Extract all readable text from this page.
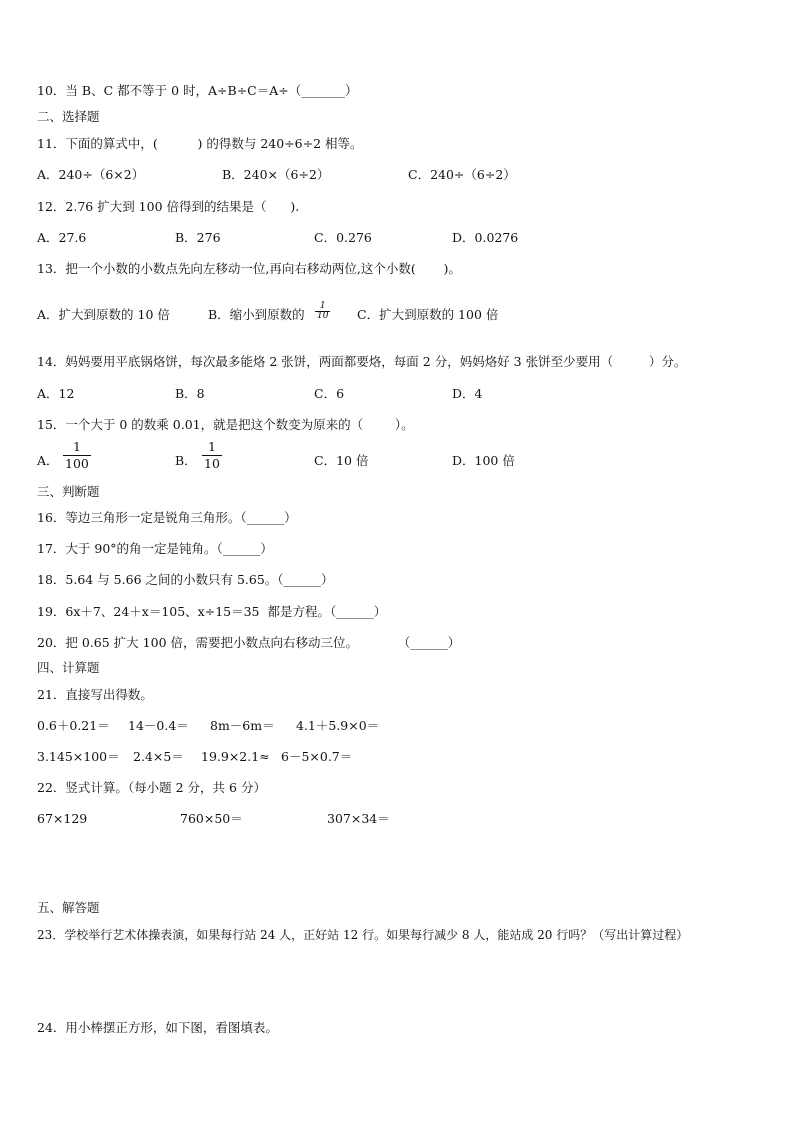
10．当 B、C 都不等于 0 时，A÷B÷C＝A÷（_______）
二、选择题
11．下面的算式中，(          ) 的得数与 240÷6÷2 相等。
A．240÷（6×2）	B．240×（6÷2）	C．240÷（6÷2）
12．2.76 扩大到 100 倍得到的结果是（      ).
A．27.6	B．276	C．0.276	D．0.0276
13．把一个小数的小数点先向左移动一位,再向右移动两位,这个小数(       )。
A．扩大到原数的 10 倍	B．缩小到原数的
1
10 C．扩大到原数的 100 倍
14．妈妈要用平底锅烙饼，每次最多能烙 2 张饼，两面都要烙，每面 2 分，妈妈烙好 3 张饼至少要用（         ）分。
A．12	B．8	C．6	D．4
15．一个大于 0 的数乘 0.01，就是把这个数变为原来的（        ）。
A．
1
100	B．
1
10	C．10 倍	D．100 倍
三、判断题
16．等边三角形一定是锐角三角形。（______）
17．大于 90°的角一定是钝角。（______）
18．5.64 与 5.66 之间的小数只有 5.65。（______）
19．6x＋7、24＋x＝105、x÷15＝35  都是方程。（______）
20．把 0.65 扩大 100 倍，需要把小数点向右移动三位。          （______）
四、计算题
21．直接写出得数。
0.6＋0.21＝ 14－0.4＝ 8m－6m＝ 4.1＋5.9×0＝
3.145×100＝ 2.4×5＝ 19.9×2.1≈ 6－5×0.7＝
22．竖式计算。（每小题 2 分，共 6 分）
67×129	760×50＝	307×34＝
五、解答题
23．学校举行艺术体操表演，如果每行站 24 人，正好站 12 行。如果每行减少 8 人，能站成 20 行吗？（写出计算过程）
24．用小棒摆正方形，如下图，看图填表。
